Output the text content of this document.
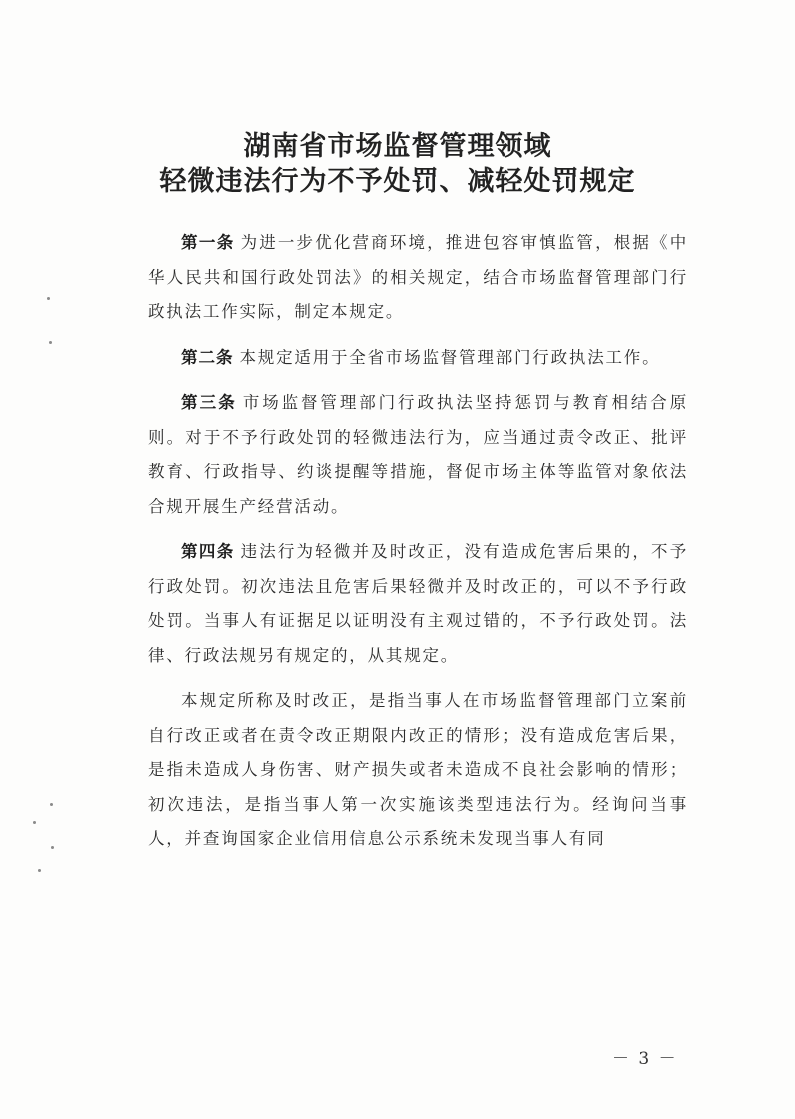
湖南省市场监督管理领域
轻微违法行为不予处罚、减轻处罚规定

第一条 为进一步优化营商环境，推进包容审慎监管，根据《中华人民共和国行政处罚法》的相关规定，结合市场监督管理部门行政执法工作实际，制定本规定。

第二条 本规定适用于全省市场监督管理部门行政执法工作。

第三条 市场监督管理部门行政执法坚持惩罚与教育相结合原则。对于不予行政处罚的轻微违法行为，应当通过责令改正、批评教育、行政指导、约谈提醒等措施，督促市场主体等监管对象依法合规开展生产经营活动。

第四条 违法行为轻微并及时改正，没有造成危害后果的，不予行政处罚。初次违法且危害后果轻微并及时改正的，可以不予行政处罚。当事人有证据足以证明没有主观过错的，不予行政处罚。法律、行政法规另有规定的，从其规定。

本规定所称及时改正，是指当事人在市场监督管理部门立案前自行改正或者在责令改正期限内改正的情形；没有造成危害后果，是指未造成人身伤害、财产损失或者未造成不良社会影响的情形；初次违法，是指当事人第一次实施该类型违法行为。经询问当事人，并查询国家企业信用信息公示系统未发现当事人有同

－ 3 －
